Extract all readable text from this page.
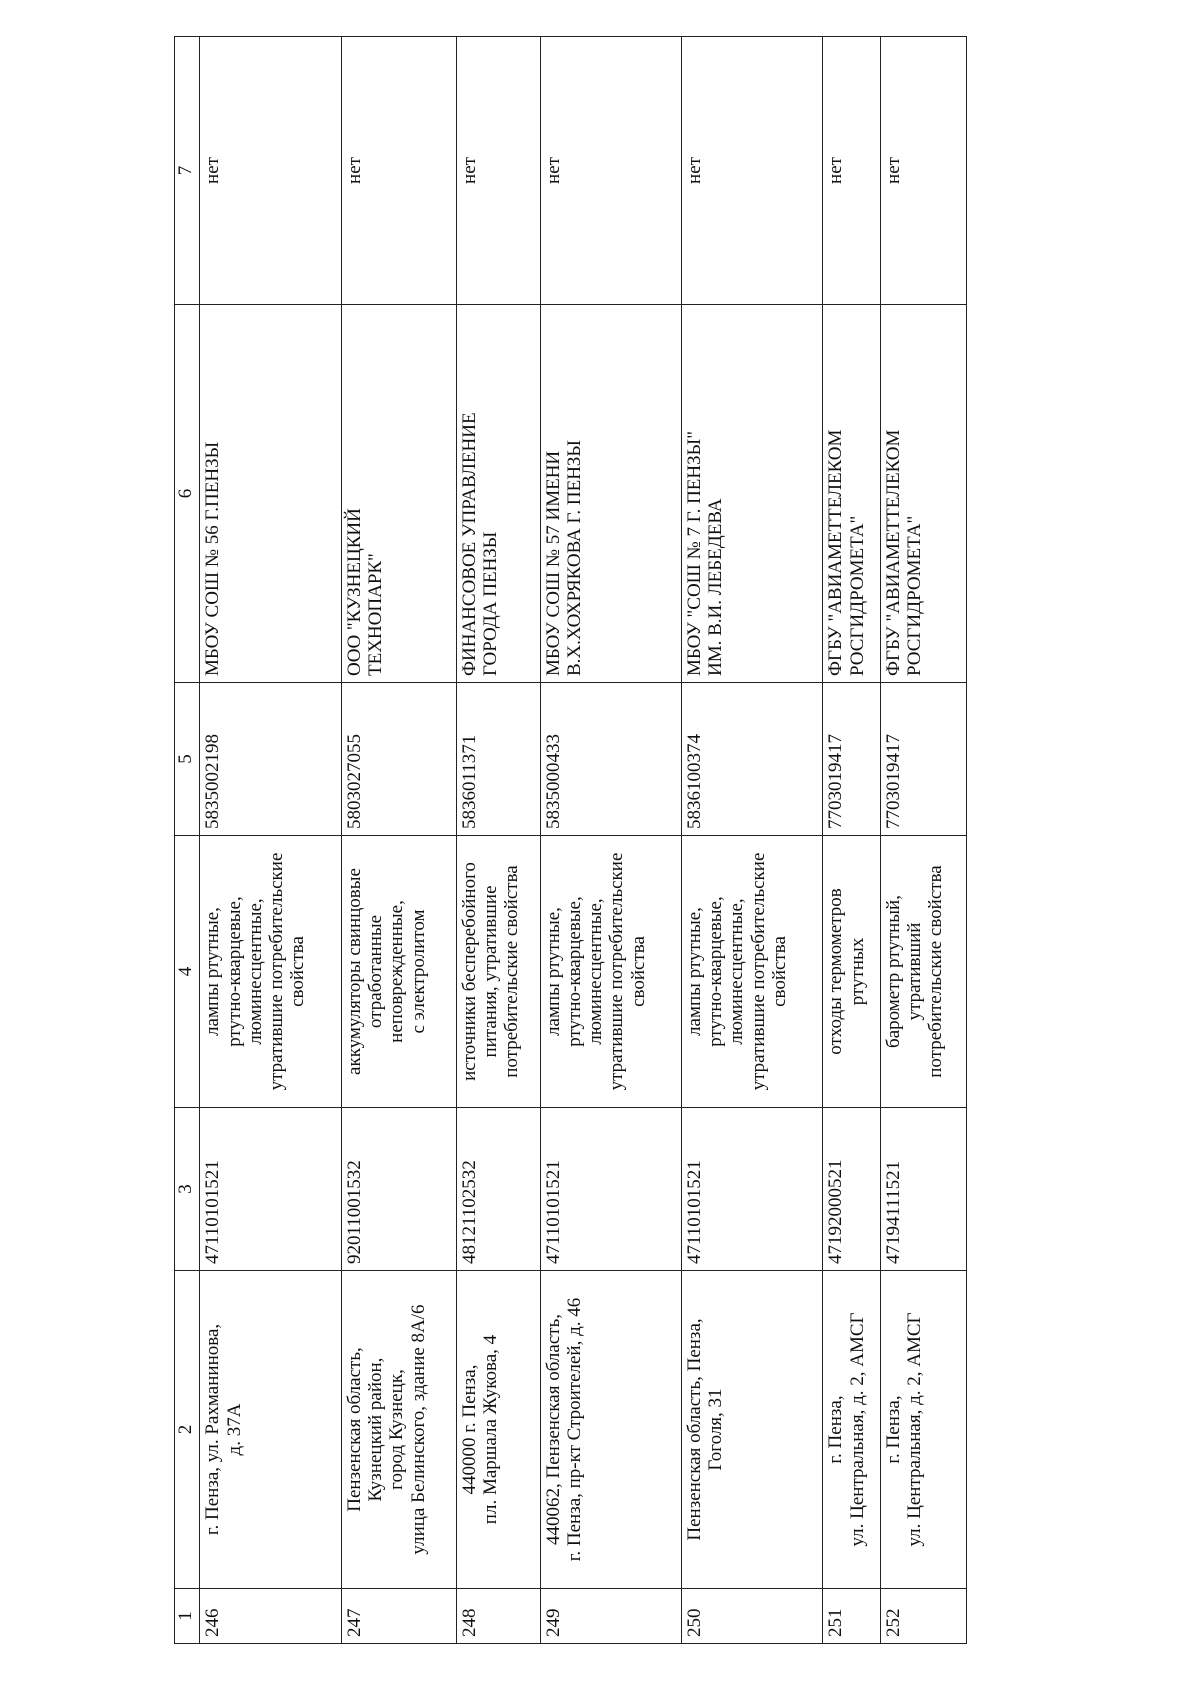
1	2	3	4	5	6	7
246	г. Пенза, ул. Рахманинова,
д. 37А	47110101521	лампы ртутные,
ртутно-кварцевые,
люминесцентные,
утратившие потребительские
свойства	5835002198	МБОУ СОШ № 56 Г.ПЕНЗЫ	нет
247	Пензенская область,
Кузнецкий район,
город Кузнецк,
улица Белинского, здание 8А/6	92011001532	аккумуляторы свинцовые
отработанные
неповрежденные,
с электролитом	5803027055	ООО "КУЗНЕЦКИЙ
ТЕХНОПАРК"	нет
248	440000 г. Пенза,
пл. Маршала Жукова, 4	48121102532	источники бесперебойного
питания, утратившие
потребительские свойства	5836011371	ФИНАНСОВОЕ УПРАВЛЕНИЕ
ГОРОДА ПЕНЗЫ	нет
249	440062, Пензенская область,
г. Пенза, пр-кт Строителей, д. 46	47110101521	лампы ртутные,
ртутно-кварцевые,
люминесцентные,
утратившие потребительские
свойства	5835000433	МБОУ СОШ № 57 ИМЕНИ
В.Х.ХОХРЯКОВА Г. ПЕНЗЫ	нет
250	Пензенская область, Пенза,
Гоголя, 31	47110101521	лампы ртутные,
ртутно-кварцевые,
люминесцентные,
утратившие потребительские
свойства	5836100374	МБОУ "СОШ № 7 Г. ПЕНЗЫ"
ИМ. В.И. ЛЕБЕДЕВА	нет
251	г. Пенза,
ул. Центральная, д. 2, АМСГ	47192000521	отходы термометров
ртутных	7703019417	ФГБУ "АВИАМЕТТЕЛЕКОМ
РОСГИДРОМЕТА"	нет
252	г. Пенза,
ул. Центральная, д. 2, АМСГ	47194111521	барометр ртутный,
утративший
потребительские свойства	7703019417	ФГБУ "АВИАМЕТТЕЛЕКОМ
РОСГИДРОМЕТА"	нет
